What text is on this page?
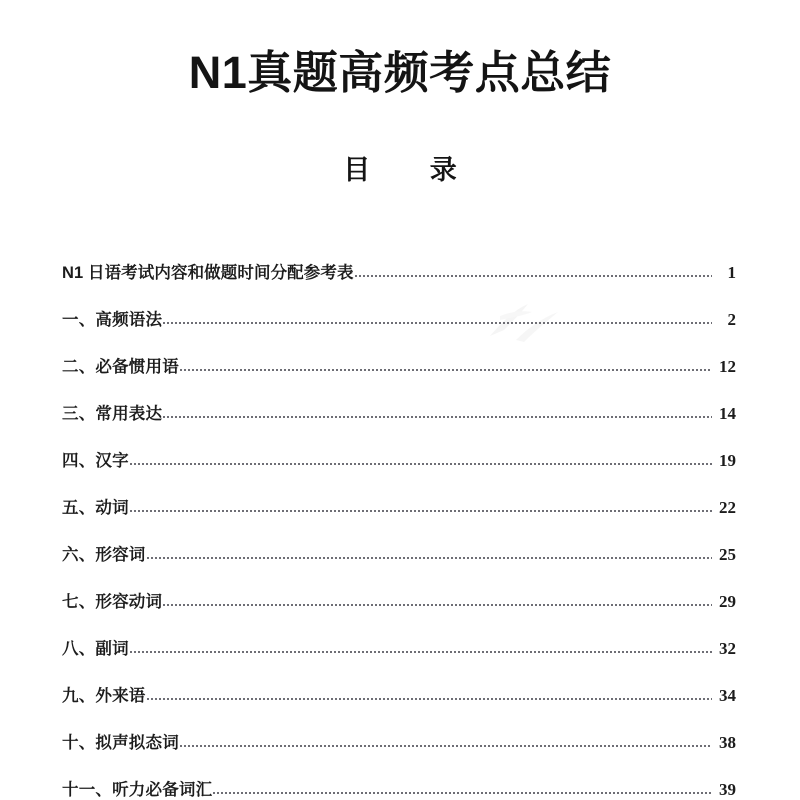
N1真题高频考点总结
目 录
N1 日语考试内容和做题时间分配参考表	1
一、高频语法	2
二、必备惯用语	12
三、常用表达	14
四、汉字	19
五、动词	22
六、形容词	25
七、形容动词	29
八、副词	32
九、外来语	34
十、拟声拟态词	38
十一、听力必备词汇	39
